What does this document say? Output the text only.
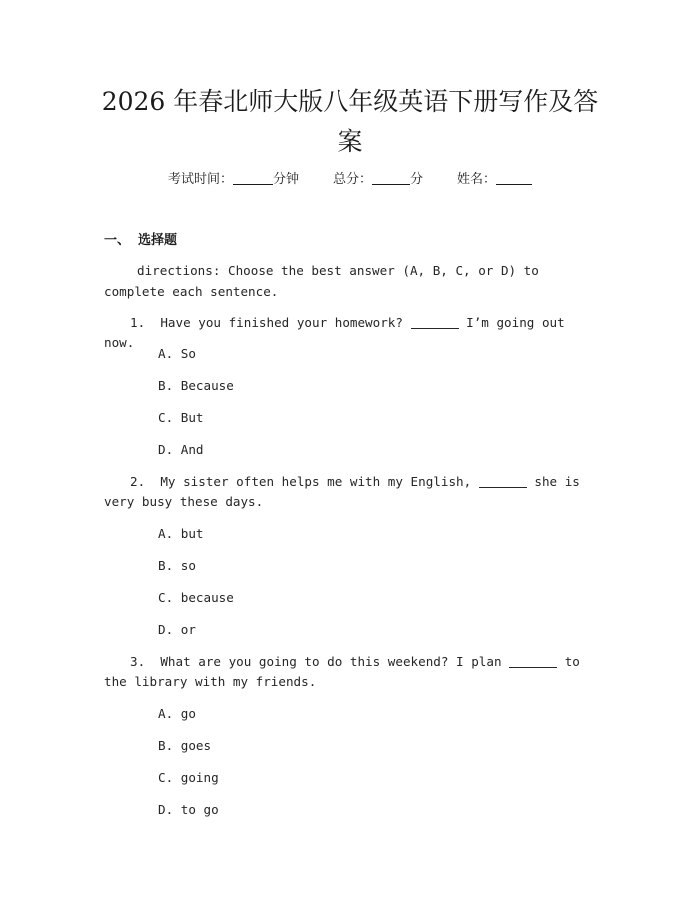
2026 年春北师大版八年级英语下册写作及答案
考试时间：	分钟	总分：	分	姓名：
一、 选择题

directions: Choose the best answer (A, B, C, or D) to complete each sentence.

1. Have you finished your homework?	I’m going out now.

A. So

B. Because

C. But

D. And

2. My sister often helps me with my English,	she is very busy these days.

A. but

B. so

C. because

D. or

3. What are you going to do this weekend? I plan	to the library with my friends.

A. go

B. goes

C. going

D. to go
